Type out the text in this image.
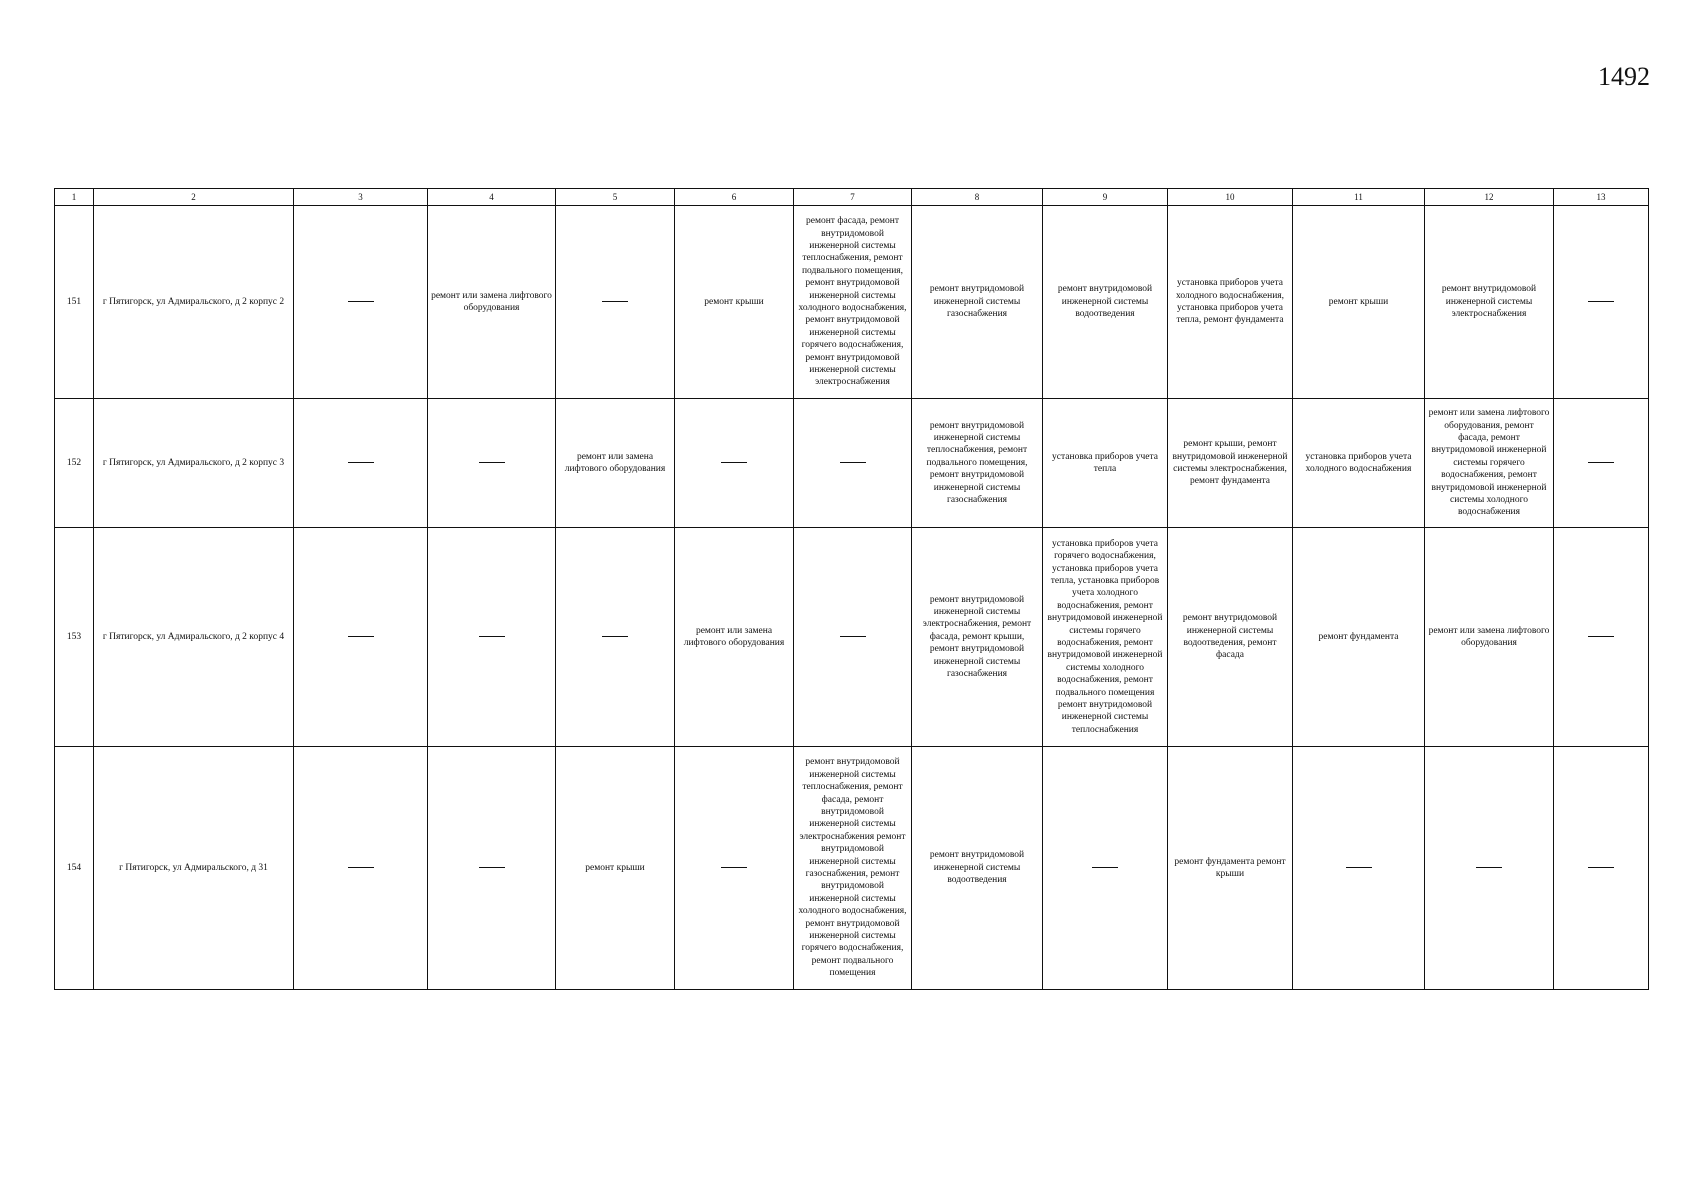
1492
1	2	3	4	5	6	7	8	9	10	11	12	13
151	г Пятигорск, ул Адмиральского, д 2 корпус 2		ремонт или замена лифтового оборудования		ремонт крыши	ремонт фасада, ремонт внутридомовой инженерной системы теплоснабжения, ремонт подвального помещения, ремонт внутридомовой инженерной системы холодного водоснабжения, ремонт внутридомовой инженерной системы горячего водоснабжения, ремонт внутридомовой инженерной системы электроснабжения	ремонт внутридомовой инженерной системы газоснабжения	ремонт внутридомовой инженерной системы водоотведения	установка приборов учета холодного водоснабжения, установка приборов учета тепла, ремонт фундамента	ремонт крыши	ремонт внутридомовой инженерной системы электроснабжения	
152	г Пятигорск, ул Адмиральского, д 2 корпус 3			ремонт или замена лифтового оборудования			ремонт внутридомовой инженерной системы теплоснабжения, ремонт подвального помещения, ремонт внутридомовой инженерной системы газоснабжения	установка приборов учета тепла	ремонт крыши, ремонт внутридомовой инженерной системы электроснабжения, ремонт фундамента	установка приборов учета холодного водоснабжения	ремонт или замена лифтового оборудования, ремонт фасада, ремонт внутридомовой инженерной системы горячего водоснабжения, ремонт внутридомовой инженерной системы холодного водоснабжения	
153	г Пятигорск, ул Адмиральского, д 2 корпус 4				ремонт или замена лифтового оборудования		ремонт внутридомовой инженерной системы электроснабжения, ремонт фасада, ремонт крыши, ремонт внутридомовой инженерной системы газоснабжения	установка приборов учета горячего водоснабжения, установка приборов учета тепла, установка приборов учета холодного водоснабжения, ремонт внутридомовой инженерной системы горячего водоснабжения, ремонт внутридомовой инженерной системы холодного водоснабжения, ремонт подвального помещения ремонт внутридомовой инженерной системы теплоснабжения	ремонт внутридомовой инженерной системы водоотведения, ремонт фасада	ремонт фундамента	ремонт или замена лифтового оборудования	
154	г Пятигорск, ул Адмиральского, д 31			ремонт крыши		ремонт внутридомовой инженерной системы теплоснабжения, ремонт фасада, ремонт внутридомовой инженерной системы электроснабжения ремонт внутридомовой инженерной системы газоснабжения, ремонт внутридомовой инженерной системы холодного водоснабжения, ремонт внутридомовой инженерной системы горячего водоснабжения, ремонт подвального помещения	ремонт внутридомовой инженерной системы водоотведения		ремонт фундамента ремонт крыши			
